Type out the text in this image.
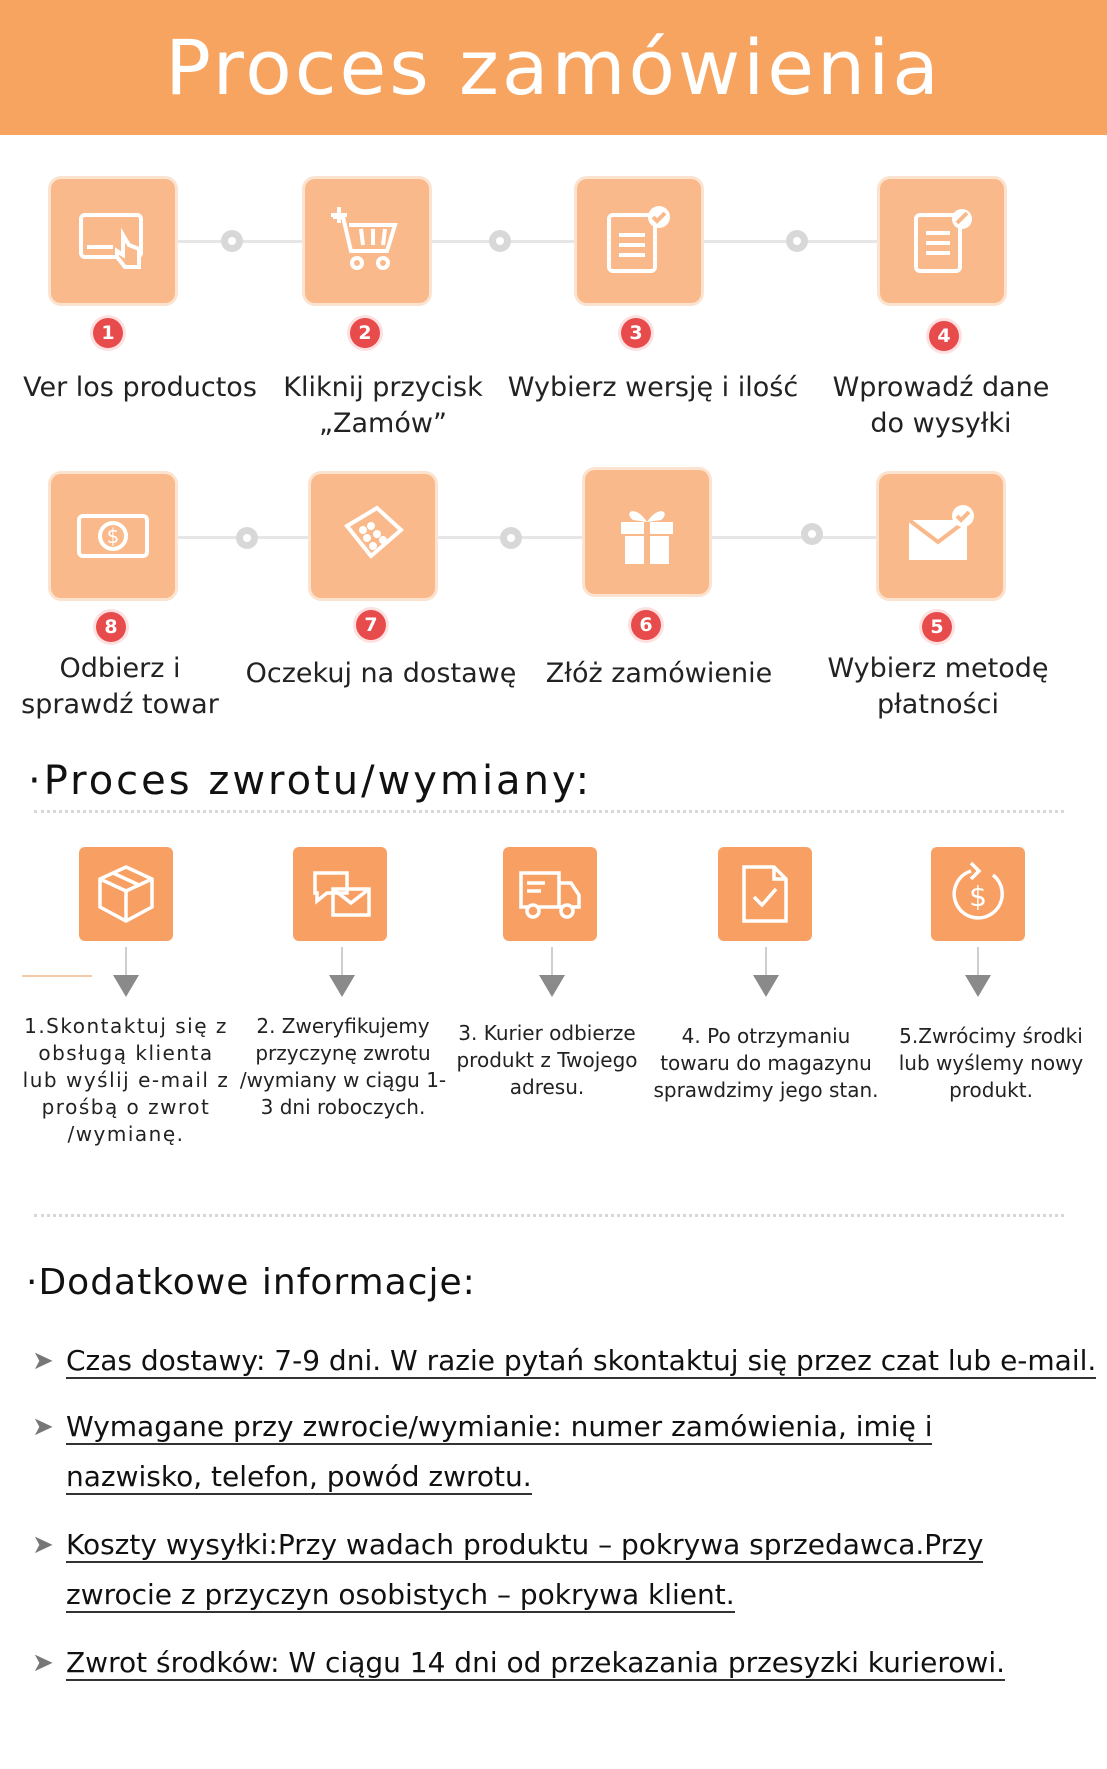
Proces zamówienia
1
Ver los productos
2
Kliknij przycisk „Zamów”
3
Wybierz wersję i ilość
4
Wprowadź dane do wysyłki
$
8
Odbierz i sprawdź towar
7
Oczekuj na dostawę
6
Złóż zamówienie
5
Wybierz metodę płatności
·Proces zwrotu/wymiany:
$
1.Skontaktuj się z obsługą klienta lub wyślij e-mail z prośbą o zwrot /wymianę.
2. Zweryfikujemy przyczynę zwrotu /wymiany w ciągu 1-3 dni roboczych.
3. Kurier odbierze produkt z Twojego adresu.
4. Po otrzymaniu towaru do magazynu sprawdzimy jego stan.
5.Zwrócimy środki lub wyślemy nowy produkt.
·Dodatkowe informacje:
➤ Czas dostawy: 7-9 dni. W razie pytań skontaktuj się przez czat lub e-mail.
➤ Wymagane przy zwrocie/wymianie: numer zamówienia, imię i nazwisko, telefon, powód zwrotu.
➤ Koszty wysyłki:Przy wadach produktu – pokrywa sprzedawca.Przy zwrocie z przyczyn osobistych – pokrywa klient.
➤ Zwrot środków: W ciągu 14 dni od przekazania przesyzki kurierowi.
